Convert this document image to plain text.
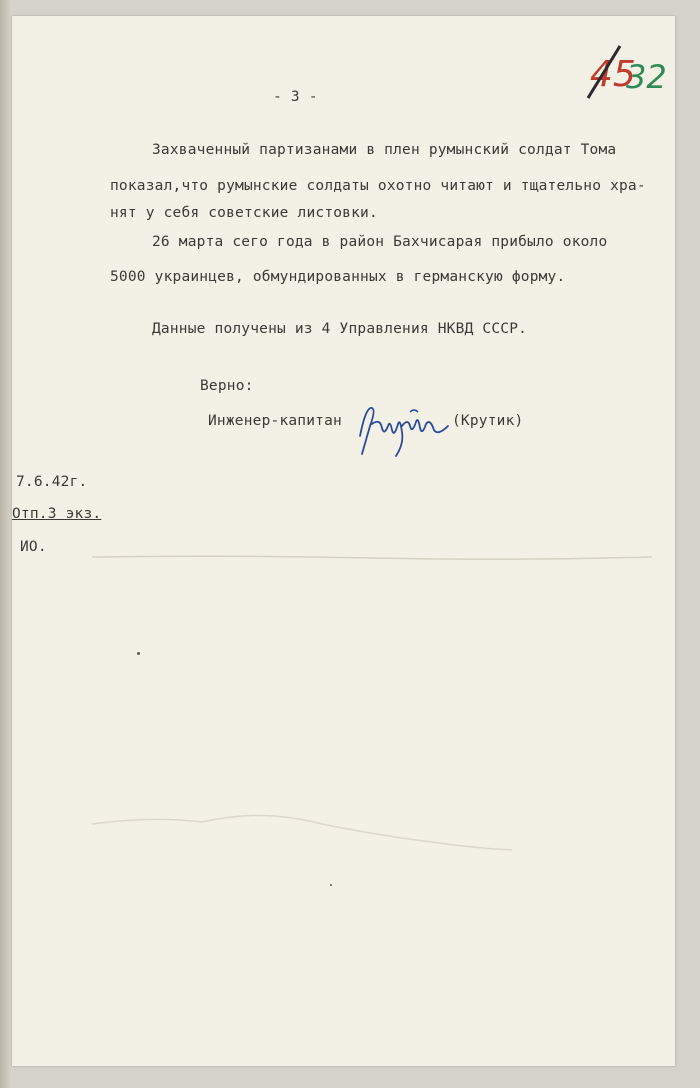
45
32
- 3 -
Захваченный партизанами в плен румынский солдат Тома
показал,что румынские солдаты охотно читают и тщательно хра-
нят у себя советские листовки.
26 марта сего года в район Бахчисарая прибыло около
5000 украинцев, обмундированных в германскую форму.
Данные получены из 4 Управления НКВД СССР.
Верно:
Инженер-капитан	(Крутик)
7.6.42г.
Отп.3 экз.
ИО.
